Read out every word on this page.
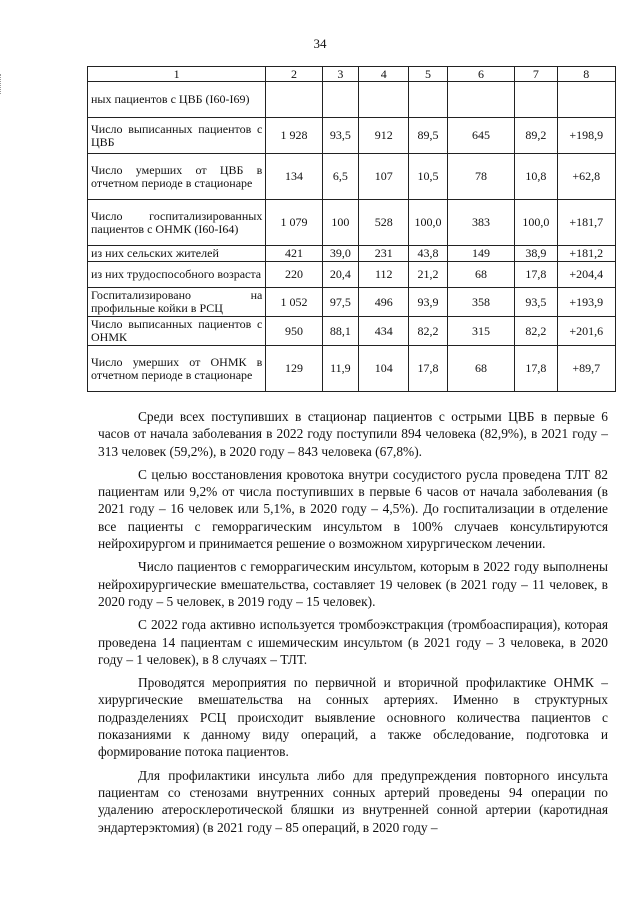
34
1	2	3	4	5	6	7	8
ных пациентов с ЦВБ (I60-I69)							
Число выписанных пациентов с ЦВБ	1 928	93,5	912	89,5	645	89,2	+198,9
Число умерших от ЦВБ в отчетном периоде в стационаре	134	6,5	107	10,5	78	10,8	+62,8
Число госпитализированных пациентов с ОНМК (I60-I64)	1 079	100	528	100,0	383	100,0	+181,7
из них сельских жителей	421	39,0	231	43,8	149	38,9	+181,2
из них трудоспособного возраста	220	20,4	112	21,2	68	17,8	+204,4
Госпитализировано на профильные койки в РСЦ	1 052	97,5	496	93,9	358	93,5	+193,9
Число выписанных пациентов с ОНМК	950	88,1	434	82,2	315	82,2	+201,6
Число умерших от ОНМК в отчетном периоде в стационаре	129	11,9	104	17,8	68	17,8	+89,7

Среди всех поступивших в стационар пациентов с острыми ЦВБ в первые 6 часов от начала заболевания в 2022 году поступили 894 человека (82,9%), в 2021 году – 313 человек (59,2%), в 2020 году – 843 человека (67,8%).

С целью восстановления кровотока внутри сосудистого русла проведена ТЛТ 82 пациентам или 9,2% от числа поступивших в первые 6 часов от начала заболевания (в 2021 году – 16 человек или 5,1%, в 2020 году – 4,5%). До госпитализации в отделение все пациенты с геморрагическим инсультом в 100% случаев консультируются нейрохирургом и принимается решение о возможном хирургическом лечении.

Число пациентов с геморрагическим инсультом, которым в 2022 году выполнены нейрохирургические вмешательства, составляет 19 человек (в 2021 году – 11 человек, в 2020 году – 5 человек, в 2019 году – 15 человек).

С 2022 года активно используется тромбоэкстракция (тромбоаспирация), которая проведена 14 пациентам с ишемическим инсультом (в 2021 году – 3 человека, в 2020 году – 1 человек), в 8 случаях – ТЛТ.

Проводятся мероприятия по первичной и вторичной профилактике ОНМК – хирургические вмешательства на сонных артериях. Именно в структурных подразделениях РСЦ происходит выявление основного количества пациентов с показаниями к данному виду операций, а также обследование, подготовка и формирование потока пациентов.

Для профилактики инсульта либо для предупреждения повторного инсульта пациентам со стенозами внутренних сонных артерий проведены 94 операции по удалению атеросклеротической бляшки из внутренней сонной артерии (каротидная эндартерэктомия) (в 2021 году – 85 операций, в 2020 году –
